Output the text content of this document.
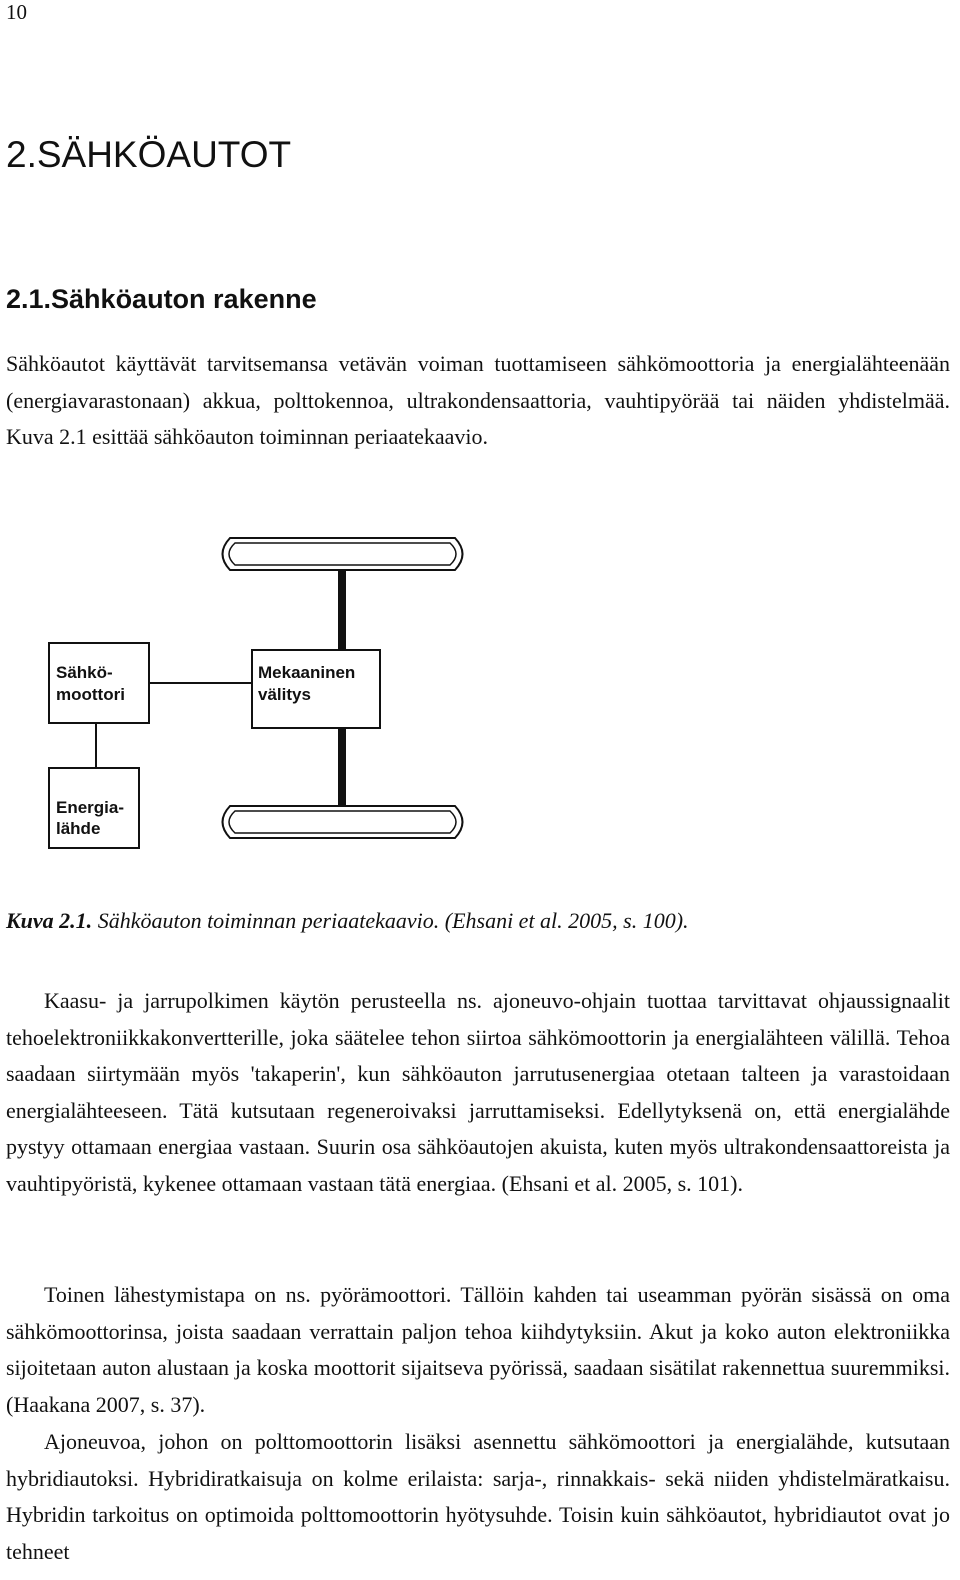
10
2.SÄHKÖAUTOT
2.1.Sähköauton rakenne

Sähköautot käyttävät tarvitsemansa vetävän voiman tuottamiseen sähkömoottoria ja energialähteenään (energiavarastonaan) akkua, polttokennoa, ultrakondensaattoria, vauhtipyörää tai näiden yhdistelmää. Kuva 2.1 esittää sähköauton toiminnan periaatekaavio.

Sähkö-
moottori
Mekaaninen
välitys
Energia-
lähde
Kuva 2.1. Sähköauton toiminnan periaatekaavio. (Ehsani et al. 2005, s. 100).

Kaasu- ja jarrupolkimen käytön perusteella ns. ajoneuvo-ohjain tuottaa tarvittavat ohjaussignaalit tehoelektroniikkakonvertterille, joka säätelee tehon siirtoa sähkömoottorin ja energialähteen välillä. Tehoa saadaan siirtymään myös 'takaperin', kun sähköauton jarrutusenergiaa otetaan talteen ja varastoidaan energialähteeseen. Tätä kutsutaan regeneroivaksi jarruttamiseksi. Edellytyksenä on, että energialähde pystyy ottamaan energiaa vastaan. Suurin osa sähköautojen akuista, kuten myös ultrakondensaattoreista ja vauhtipyöristä, kykenee ottamaan vastaan tätä energiaa. (Ehsani et al. 2005, s. 101).

Toinen lähestymistapa on ns. pyörämoottori. Tällöin kahden tai useamman pyörän sisässä on oma sähkömoottorinsa, joista saadaan verrattain paljon tehoa kiihdytyksiin. Akut ja koko auton elektroniikka sijoitetaan auton alustaan ja koska moottorit sijaitseva pyörissä, saadaan sisätilat rakennettua suuremmiksi. (Haakana 2007, s. 37).

Ajoneuvoa, johon on polttomoottorin lisäksi asennettu sähkömoottori ja energialähde, kutsutaan hybridiautoksi. Hybridiratkaisuja on kolme erilaista: sarja-, rinnakkais- sekä niiden yhdistelmäratkaisu. Hybridin tarkoitus on optimoida polttomoottorin hyötysuhde. Toisin kuin sähköautot, hybridiautot ovat jo tehneet
